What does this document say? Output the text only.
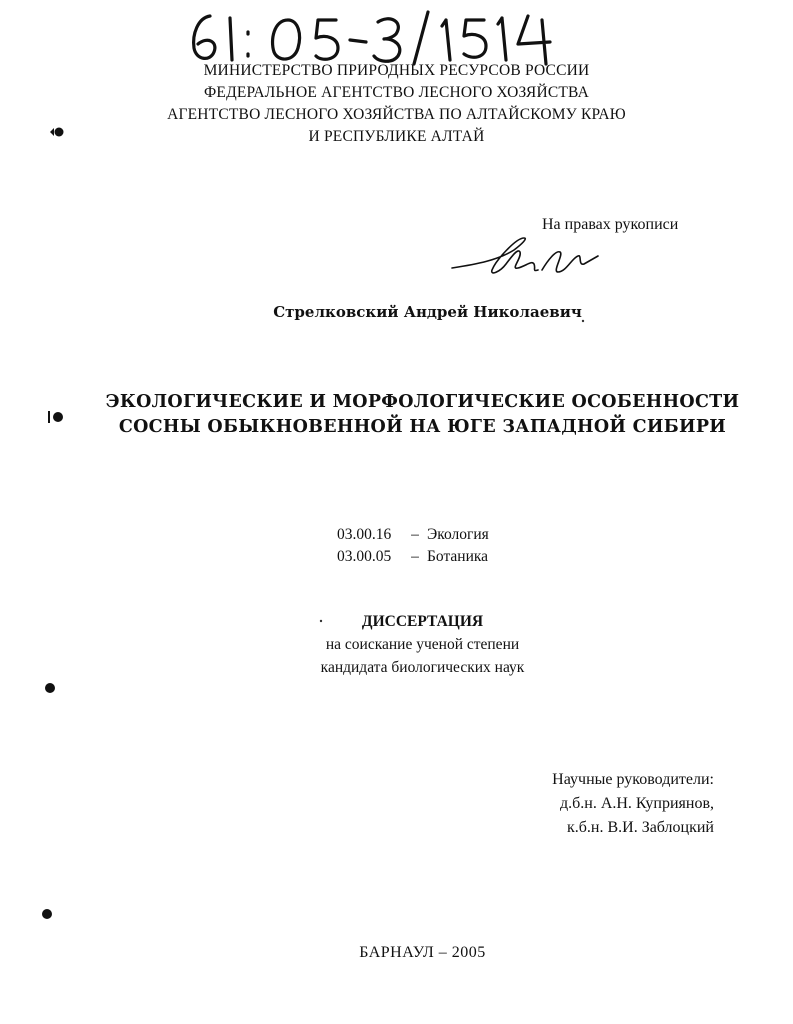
МИНИСТЕРСТВО ПРИРОДНЫХ РЕСУРСОВ РОССИИ
ФЕДЕРАЛЬНОЕ АГЕНТСТВО ЛЕСНОГО ХОЗЯЙСТВА
АГЕНТСТВО ЛЕСНОГО ХОЗЯЙСТВА ПО АЛТАЙСКОМУ КРАЮ
И РЕСПУБЛИКЕ АЛТАЙ
На правах рукописи
Стрелковский Андрей Николаевич
ЭКОЛОГИЧЕСКИЕ И МОРФОЛОГИЧЕСКИЕ ОСОБЕННОСТИ
СОСНЫ ОБЫКНОВЕННОЙ НА ЮГЕ ЗАПАДНОЙ СИБИРИ
03.00.16 – Экология
03.00.05 – Ботаника
ДИССЕРТАЦИЯ
на соискание ученой степени
кандидата биологических наук
Научные руководители:
д.б.н. А.Н. Куприянов,
к.б.н. В.И. Заблоцкий
БАРНАУЛ – 2005
